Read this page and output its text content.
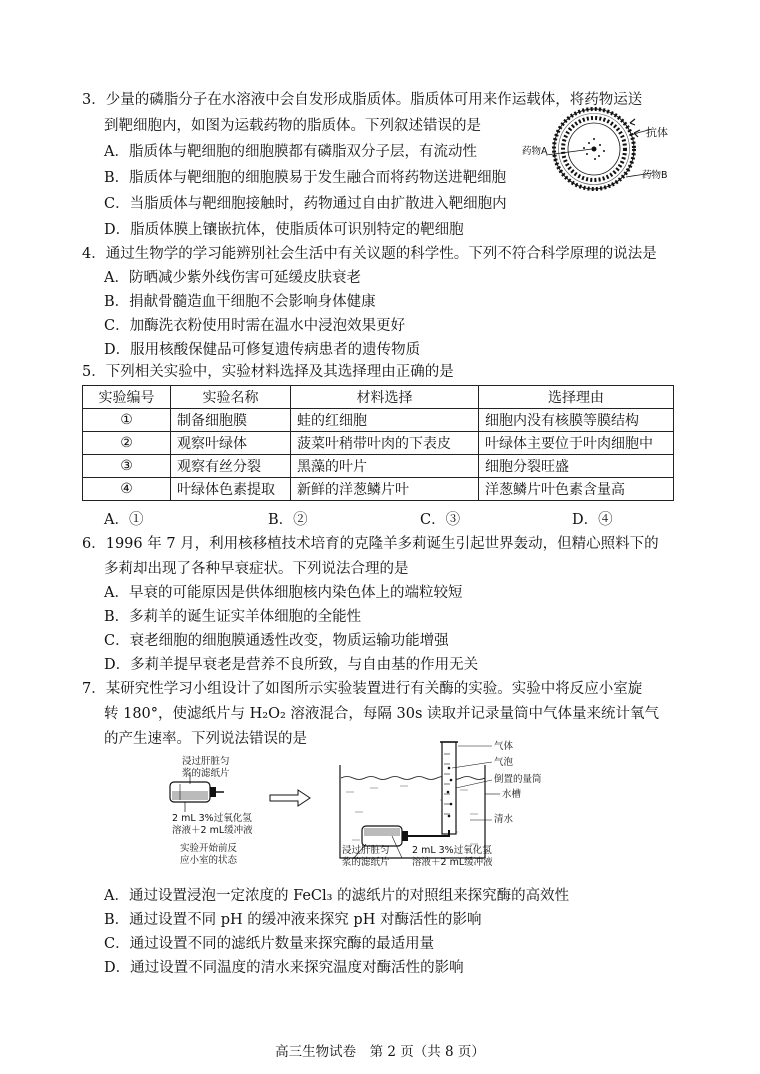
3．少量的磷脂分子在水溶液中会自发形成脂质体。脂质体可用来作运载体，将药物运送
到靶细胞内，如图为运载药物的脂质体。下列叙述错误的是
A．脂质体与靶细胞的细胞膜都有磷脂双分子层，有流动性
B．脂质体与靶细胞的细胞膜易于发生融合而将药物送进靶细胞
C．当脂质体与靶细胞接触时，药物通过自由扩散进入靶细胞内
D．脂质体膜上镶嵌抗体，使脂质体可识别特定的靶细胞
药物A
抗体
药物B
4．通过生物学的学习能辨别社会生活中有关议题的科学性。下列不符合科学原理的说法是
A．防晒减少紫外线伤害可延缓皮肤衰老
B．捐献骨髓造血干细胞不会影响身体健康
C．加酶洗衣粉使用时需在温水中浸泡效果更好
D．服用核酸保健品可修复遗传病患者的遗传物质
5．下列相关实验中，实验材料选择及其选择理由正确的是
实验编号	实验名称	材料选择	选择理由
①	制备细胞膜	蛙的红细胞	细胞内没有核膜等膜结构
②	观察叶绿体	菠菜叶稍带叶肉的下表皮	叶绿体主要位于叶肉细胞中
③	观察有丝分裂	黑藻的叶片	细胞分裂旺盛
④	叶绿体色素提取	新鲜的洋葱鳞片叶	洋葱鳞片叶色素含量高
A．①	B．②	C．③	D．④
6．1996 年 7 月，利用核移植技术培育的克隆羊多莉诞生引起世界轰动，但精心照料下的
多莉却出现了各种早衰症状。下列说法合理的是
A．早衰的可能原因是供体细胞核内染色体上的端粒较短
B．多莉羊的诞生证实羊体细胞的全能性
C．衰老细胞的细胞膜通透性改变，物质运输功能增强
D．多莉羊提早衰老是营养不良所致，与自由基的作用无关
7．某研究性学习小组设计了如图所示实验装置进行有关酶的实验。实验中将反应小室旋
转 180°，使滤纸片与 H₂O₂ 溶液混合，每隔 30s 读取并记录量筒中气体量来统计氧气
的产生速率。下列说法错误的是
浸过肝脏匀
浆的滤纸片
2 mL 3%过氧化氢
溶液＋2 mL缓冲液
实验开始前反
应小室的状态
气体
气泡
倒置的量筒
水槽
清水
浸过肝脏匀
浆的滤纸片
2 mL 3%过氧化氢
溶液＋2 mL缓冲液
A．通过设置浸泡一定浓度的 FeCl₃ 的滤纸片的对照组来探究酶的高效性
B．通过设置不同 pH 的缓冲液来探究 pH 对酶活性的影响
C．通过设置不同的滤纸片数量来探究酶的最适用量
D．通过设置不同温度的清水来探究温度对酶活性的影响
高三生物试卷　第 2 页（共 8 页）
